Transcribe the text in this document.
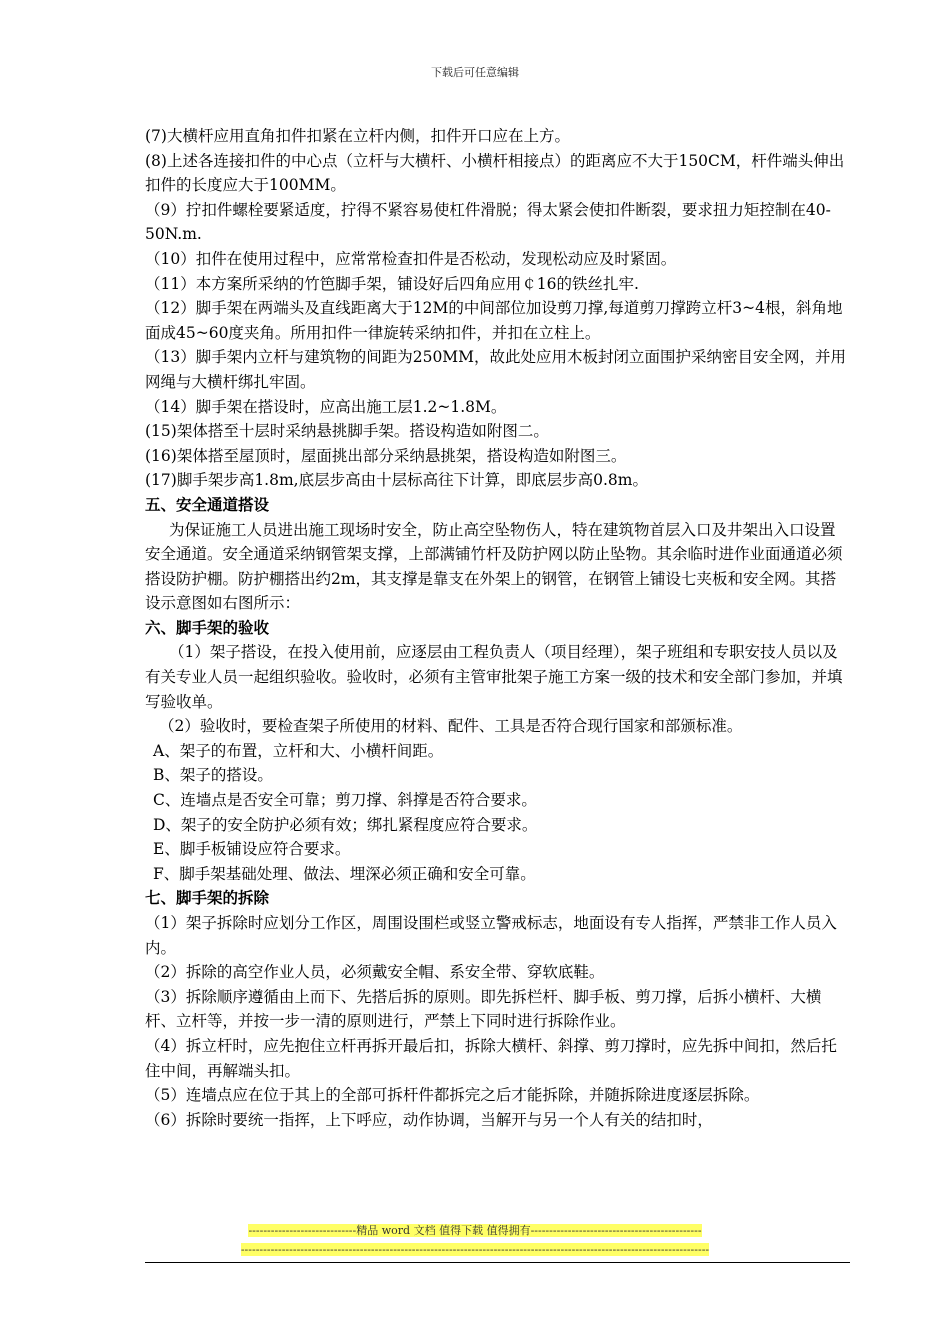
下载后可任意编辑

(7)大横杆应用直角扣件扣紧在立杆内侧，扣件开口应在上方。

(8)上述各连接扣件的中心点（立杆与大横杆、小横杆相接点）的距离应不大于150CM，杆件端头伸出扣件的长度应大于100MM。

（9）拧扣件螺栓要紧适度，拧得不紧容易使杠件滑脱；得太紧会使扣件断裂，要求扭力矩控制在40-50N.m.

（10）扣件在使用过程中，应常常检查扣件是否松动，发现松动应及时紧固。

（11）本方案所采纳的竹笆脚手架，铺设好后四角应用￠16的铁丝扎牢.

（12）脚手架在两端头及直线距离大于12M的中间部位加设剪刀撑,每道剪刀撑跨立杆3~4根，斜角地面成45~60度夹角。所用扣件一律旋转采纳扣件，并扣在立柱上。

（13）脚手架内立杆与建筑物的间距为250MM，故此处应用木板封闭立面围护采纳密目安全网，并用网绳与大横杆绑扎牢固。

（14）脚手架在搭设时，应高出施工层1.2~1.8M。

(15)架体搭至十层时采纳悬挑脚手架。搭设构造如附图二。

(16)架体搭至屋顶时，屋面挑出部分采纳悬挑架，搭设构造如附图三。

(17)脚手架步高1.8m,底层步高由十层标高往下计算，即底层步高0.8m。

五、安全通道搭设

为保证施工人员进出施工现场时安全，防止高空坠物伤人，特在建筑物首层入口及井架出入口设置安全通道。安全通道采纳钢管架支撑，上部满铺竹杆及防护网以防止坠物。其余临时进作业面通道必须搭设防护棚。防护棚搭出约2m，其支撑是靠支在外架上的钢管，在钢管上铺设七夹板和安全网。其搭设示意图如右图所示：

六、脚手架的验收

（1）架子搭设，在投入使用前，应逐层由工程负责人（项目经理），架子班组和专职安技人员以及有关专业人员一起组织验收。验收时，必须有主管审批架子施工方案一级的技术和安全部门参加，并填写验收单。

（2）验收时，要检查架子所使用的材料、配件、工具是否符合现行国家和部颁标准。

A、架子的布置，立杆和大、小横杆间距。

B、架子的搭设。

C、连墙点是否安全可靠；剪刀撑、斜撑是否符合要求。

D、架子的安全防护必须有效；绑扎紧程度应符合要求。

E、脚手板铺设应符合要求。

F、脚手架基础处理、做法、埋深必须正确和安全可靠。

七、脚手架的拆除

（1）架子拆除时应划分工作区，周围设围栏或竖立警戒标志，地面设有专人指挥，严禁非工作人员入内。

（2）拆除的高空作业人员，必须戴安全帽、系安全带、穿软底鞋。

（3）拆除顺序遵循由上而下、先搭后拆的原则。即先拆栏杆、脚手板、剪刀撑，后拆小横杆、大横杆、立杆等，并按一步一清的原则进行，严禁上下同时进行拆除作业。

（4）拆立杆时，应先抱住立杆再拆开最后扣，拆除大横杆、斜撑、剪刀撑时，应先拆中间扣，然后托住中间，再解端头扣。

（5）连墙点应在位于其上的全部可拆杆件都拆完之后才能拆除，并随拆除进度逐层拆除。

（6）拆除时要统一指挥，上下呼应，动作协调，当解开与另一个人有关的结扣时，

-----------------------------精品 word 文档 值得下载 值得拥有----------------------------------------------
------------------------------------------------------------------------------------------------------------------------------
